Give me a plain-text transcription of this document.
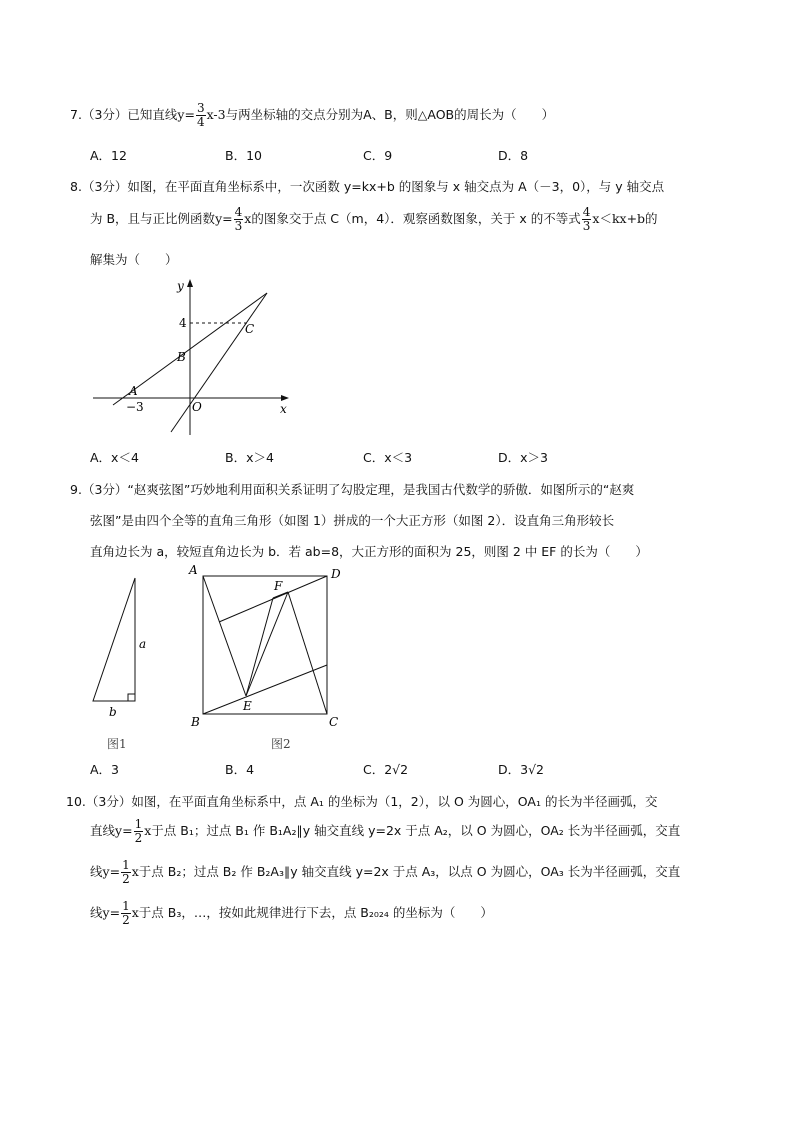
7.（3分）已知直线$y= \frac{3}{4} x-3$与两坐标轴的交点分别为A、B，则△AOB的周长为（　　）
A．12	B．10	C．9	D．8
8.（3分）如图，在平面直角坐标系中，一次函数 y=kx+b 的图象与 x 轴交点为 A（－3，0），与 y 轴交点
为 B，且与正比例函数$y= \frac{4}{3}$ x的图象交于点 C（m，4）．观察函数图象，关于 x 的不等式 $\frac{4}{3} x<kx+b$的
解集为（　　）
y
x
O
4
−3
A
B
C
A．x＜4	B．x＞4	C．x＜3	D．x＞3
9.（3分）“赵爽弦图”巧妙地利用面积关系证明了勾股定理，是我国古代数学的骄傲．如图所示的“赵爽
弦图”是由四个全等的直角三角形（如图 1）拼成的一个大正方形（如图 2）．设直角三角形较长
直角边长为 a，较短直角边长为 b．若 ab=8，大正方形的面积为 25，则图 2 中 EF 的长为（　　）
a
b
图1
A	D
F
E
B	C
图2
A．3	B．4	C．2√2	D．3√2
10.（3分）如图，在平面直角坐标系中，点 A₁ 的坐标为（1，2），以 O 为圆心，OA₁ 的长为半径画弧，交
直线$y= \frac{1}{2}$ x于点 B₁；过点 B₁ 作 B₁A₂∥y 轴交直线 y=2x 于点 A₂，以 O 为圆心，OA₂ 长为半径画弧，交直
线$y= \frac{1}{2}$ x于点 B₂；过点 B₂ 作 B₂A₃∥y 轴交直线 y=2x 于点 A₃，以点 O 为圆心，OA₃ 长为半径画弧，交直
线$y= \frac{1}{2}$ x于点 B₃，…，按如此规律进行下去，点 B₂₀₂₄ 的坐标为（　　）
